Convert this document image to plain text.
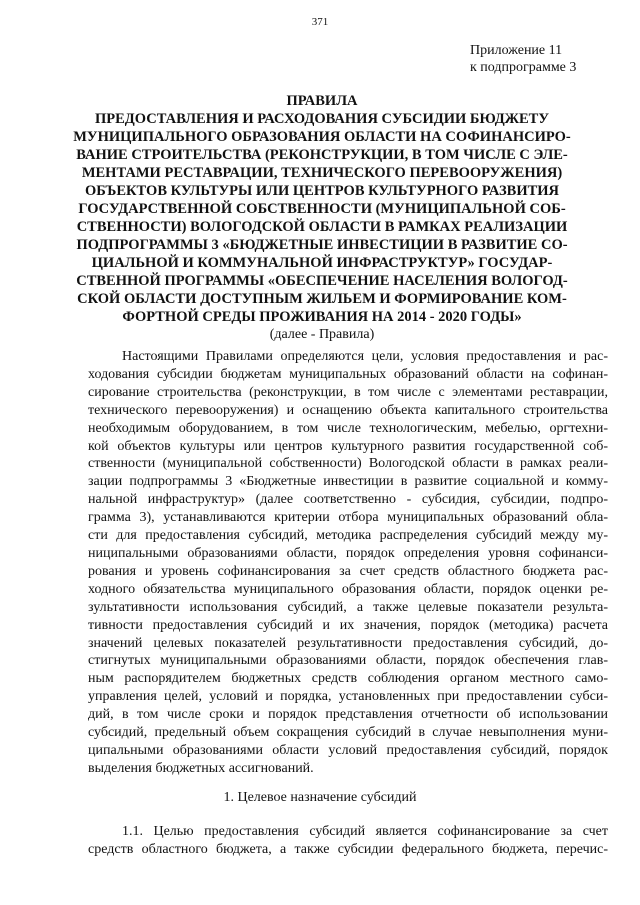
371
Приложение 11
к подпрограмме 3
ПРАВИЛА
ПРЕДОСТАВЛЕНИЯ И РАСХОДОВАНИЯ СУБСИДИИ БЮДЖЕТУ
МУНИЦИПАЛЬНОГО ОБРАЗОВАНИЯ ОБЛАСТИ НА СОФИНАНСИРО-
ВАНИЕ СТРОИТЕЛЬСТВА (РЕКОНСТРУКЦИИ, В ТОМ ЧИСЛЕ С ЭЛЕ-
МЕНТАМИ РЕСТАВРАЦИИ, ТЕХНИЧЕСКОГО ПЕРЕВООРУЖЕНИЯ)
ОБЪЕКТОВ КУЛЬТУРЫ ИЛИ ЦЕНТРОВ КУЛЬТУРНОГО РАЗВИТИЯ
ГОСУДАРСТВЕННОЙ СОБСТВЕННОСТИ (МУНИЦИПАЛЬНОЙ СОБ-
СТВЕННОСТИ) ВОЛОГОДСКОЙ ОБЛАСТИ В РАМКАХ РЕАЛИЗАЦИИ
ПОДПРОГРАММЫ 3 «БЮДЖЕТНЫЕ ИНВЕСТИЦИИ В РАЗВИТИЕ СО-
ЦИАЛЬНОЙ И КОММУНАЛЬНОЙ ИНФРАСТРУКТУР» ГОСУДАР-
СТВЕННОЙ ПРОГРАММЫ «ОБЕСПЕЧЕНИЕ НАСЕЛЕНИЯ ВОЛОГОД-
СКОЙ ОБЛАСТИ ДОСТУПНЫМ ЖИЛЬЕМ И ФОРМИРОВАНИЕ КОМ-
ФОРТНОЙ СРЕДЫ ПРОЖИВАНИЯ НА 2014 - 2020 ГОДЫ»
(далее - Правила)
Настоящими Правилами определяются цели, условия предоставления и рас-
ходования субсидии бюджетам муниципальных образований области на софинан-
сирование строительства (реконструкции, в том числе с элементами реставрации,
технического перевооружения) и оснащению объекта капитального строительства
необходимым оборудованием, в том числе технологическим, мебелью, оргтехни-
кой объектов культуры или центров культурного развития государственной соб-
ственности (муниципальной собственности) Вологодской области в рамках реали-
зации подпрограммы 3 «Бюджетные инвестиции в развитие социальной и комму-
нальной инфраструктур» (далее соответственно - субсидия, субсидии, подпро-
грамма 3), устанавливаются критерии отбора муниципальных образований обла-
сти для предоставления субсидий, методика распределения субсидий между му-
ниципальными образованиями области, порядок определения уровня софинанси-
рования и уровень софинансирования за счет средств областного бюджета рас-
ходного обязательства муниципального образования области, порядок оценки ре-
зультативности использования субсидий, а также целевые показатели результа-
тивности предоставления субсидий и их значения, порядок (методика) расчета
значений целевых показателей результативности предоставления субсидий, до-
стигнутых муниципальными образованиями области, порядок обеспечения глав-
ным распорядителем бюджетных средств соблюдения органом местного само-
управления целей, условий и порядка, установленных при предоставлении субси-
дий, в том числе сроки и порядок представления отчетности об использовании
субсидий, предельный объем сокращения субсидий в случае невыполнения муни-
ципальными образованиями области условий предоставления субсидий, порядок
выделения бюджетных ассигнований.
1. Целевое назначение субсидий
1.1. Целью предоставления субсидий является софинансирование за счет
средств областного бюджета, а также субсидии федерального бюджета, перечис-
